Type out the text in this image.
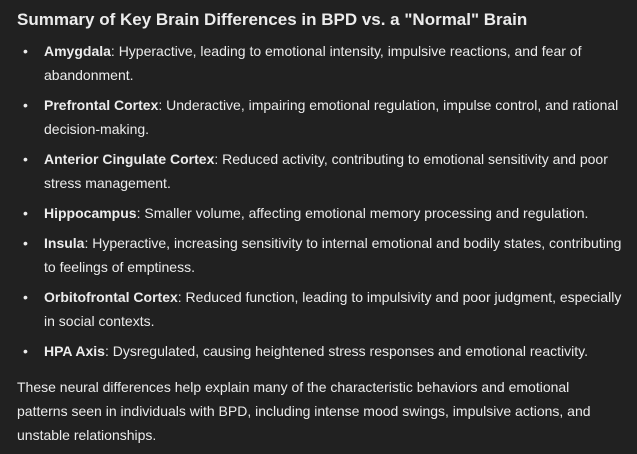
Summary of Key Brain Differences in BPD vs. a "Normal" Brain
• Amygdala: Hyperactive, leading to emotional intensity, impulsive reactions, and fear of abandonment.
• Prefrontal Cortex: Underactive, impairing emotional regulation, impulse control, and rational decision-making.
• Anterior Cingulate Cortex: Reduced activity, contributing to emotional sensitivity and poor stress management.
• Hippocampus: Smaller volume, affecting emotional memory processing and regulation.
• Insula: Hyperactive, increasing sensitivity to internal emotional and bodily states, contributing to feelings of emptiness.
• Orbitofrontal Cortex: Reduced function, leading to impulsivity and poor judgment, especially in social contexts.
• HPA Axis: Dysregulated, causing heightened stress responses and emotional reactivity.

These neural differences help explain many of the characteristic behaviors and emotional patterns seen in individuals with BPD, including intense mood swings, impulsive actions, and unstable relationships.
